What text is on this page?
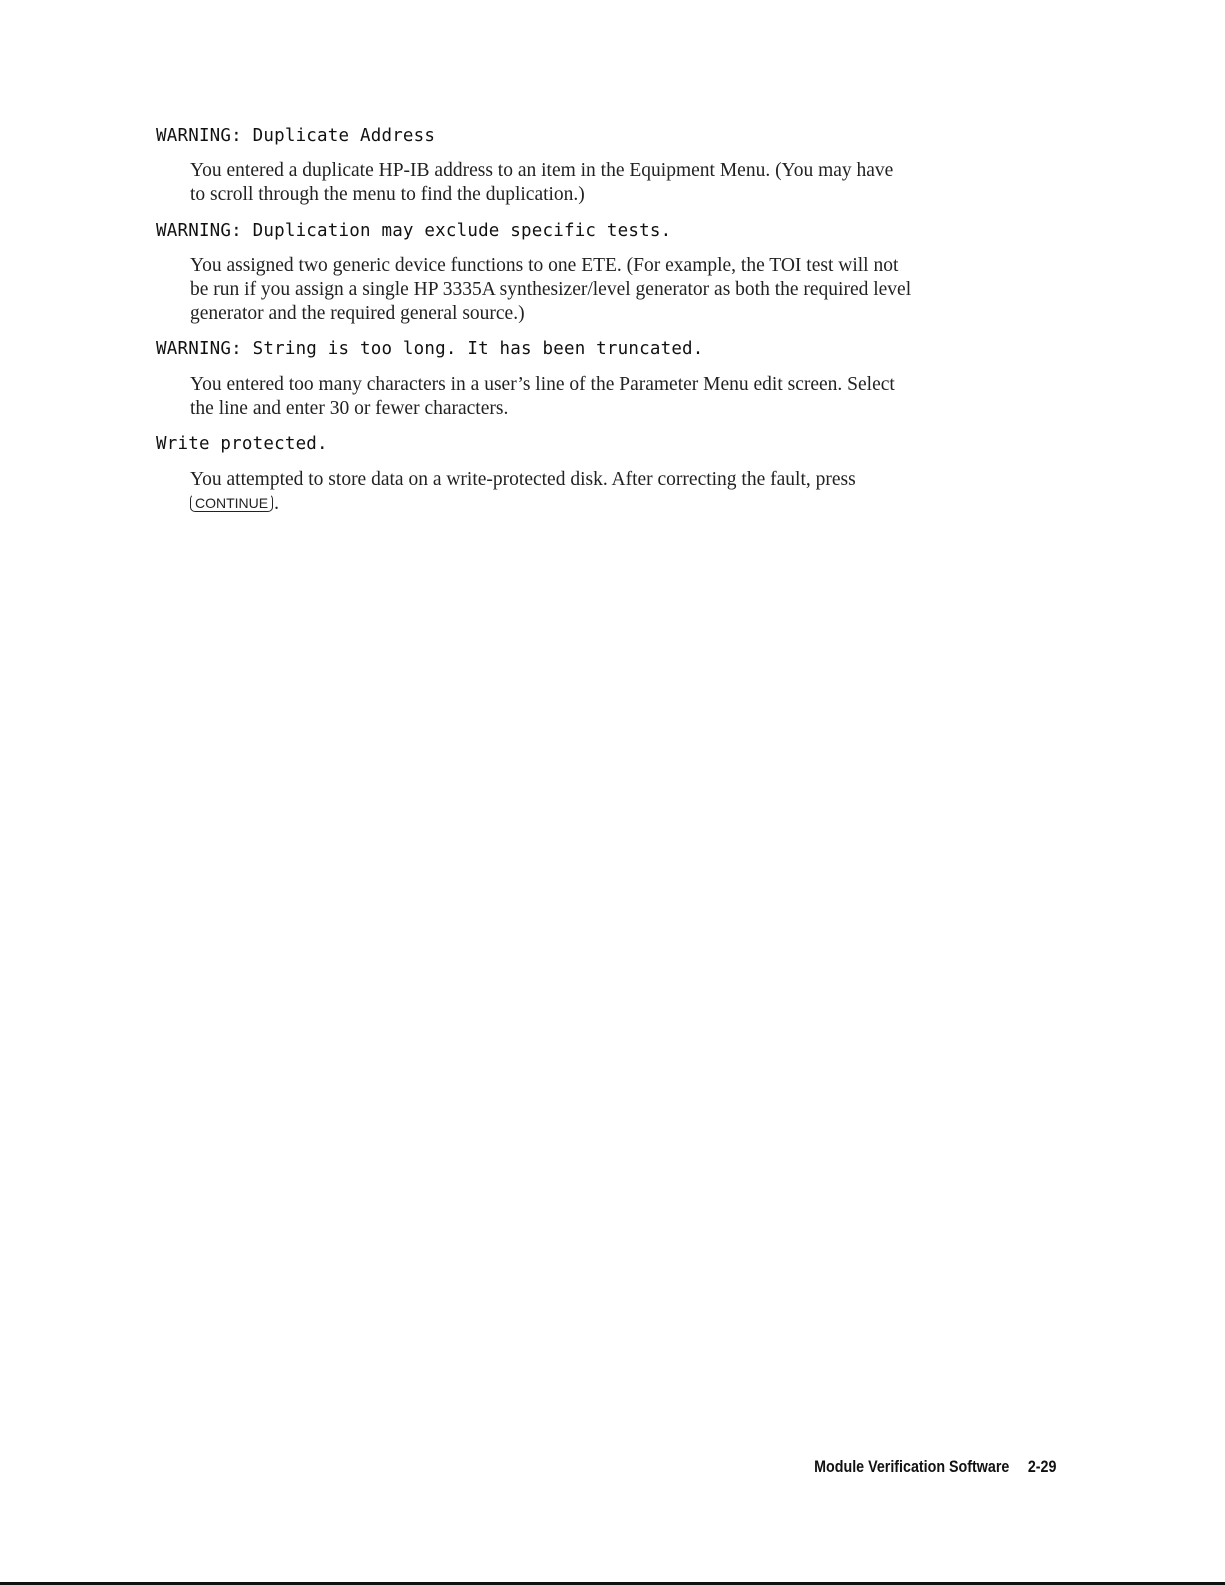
WARNING: Duplicate Address

You entered a duplicate HP-IB address to an item in the Equipment Menu. (You may have

to scroll through the menu to find the duplication.)

WARNING: Duplication may exclude specific tests.

You assigned two generic device functions to one ETE. (For example, the TOI test will not

be run if you assign a single HP 3335A synthesizer/level generator as both the required level

generator and the required general source.)

WARNING: String is too long. It has been truncated.

You entered too many characters in a user’s line of the Parameter Menu edit screen. Select

the line and enter 30 or fewer characters.

Write protected.

You attempted to store data on a write-protected disk. After correcting the fault, press

CONTINUE .

Module Verification Software 2-29
